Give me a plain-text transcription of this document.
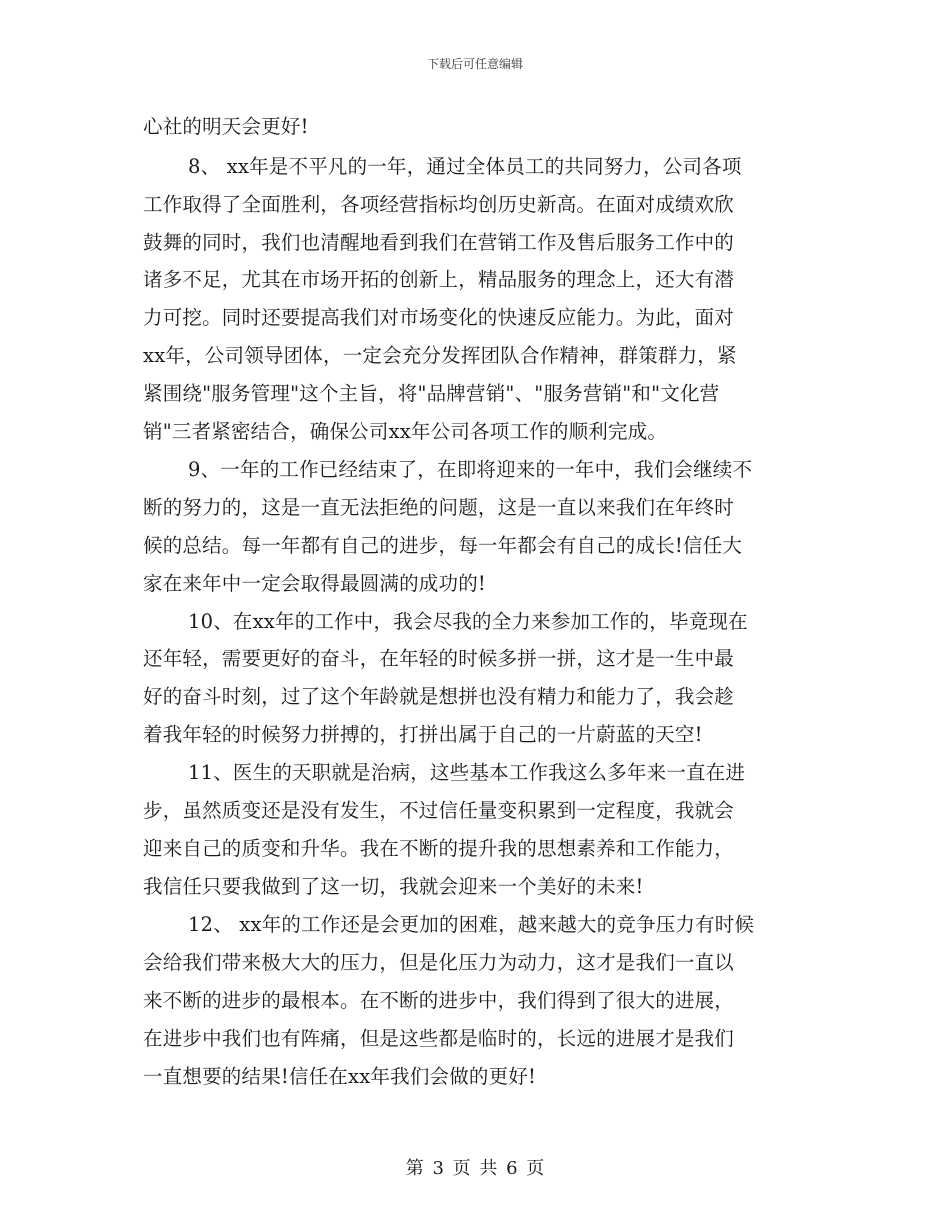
下载后可任意编辑
心社的明天会更好!
8、 xx年是不平凡的一年，通过全体员工的共同努力，公司各项
工作取得了全面胜利，各项经营指标均创历史新高。在面对成绩欢欣
鼓舞的同时，我们也清醒地看到我们在营销工作及售后服务工作中的
诸多不足，尤其在市场开拓的创新上，精品服务的理念上，还大有潜
力可挖。同时还要提高我们对市场变化的快速反应能力。为此，面对
xx年，公司领导团体，一定会充分发挥团队合作精神，群策群力，紧
紧围绕"服务管理"这个主旨，将"品牌营销"、"服务营销"和"文化营
销"三者紧密结合，确保公司xx年公司各项工作的顺利完成。
9、一年的工作已经结束了，在即将迎来的一年中，我们会继续不
断的努力的，这是一直无法拒绝的问题，这是一直以来我们在年终时
候的总结。每一年都有自己的进步，每一年都会有自己的成长!信任大
家在来年中一定会取得最圆满的成功的!
10、在xx年的工作中，我会尽我的全力来参加工作的，毕竟现在
还年轻，需要更好的奋斗，在年轻的时候多拼一拼，这才是一生中最
好的奋斗时刻，过了这个年龄就是想拼也没有精力和能力了，我会趁
着我年轻的时候努力拼搏的，打拼出属于自己的一片蔚蓝的天空!
11、医生的天职就是治病，这些基本工作我这么多年来一直在进
步，虽然质变还是没有发生，不过信任量变积累到一定程度，我就会
迎来自己的质变和升华。我在不断的提升我的思想素养和工作能力，
我信任只要我做到了这一切，我就会迎来一个美好的未来!
12、 xx年的工作还是会更加的困难，越来越大的竞争压力有时候
会给我们带来极大大的压力，但是化压力为动力，这才是我们一直以
来不断的进步的最根本。在不断的进步中，我们得到了很大的进展，
在进步中我们也有阵痛，但是这些都是临时的，长远的进展才是我们
一直想要的结果!信任在xx年我们会做的更好!
第 3 页 共 6 页
